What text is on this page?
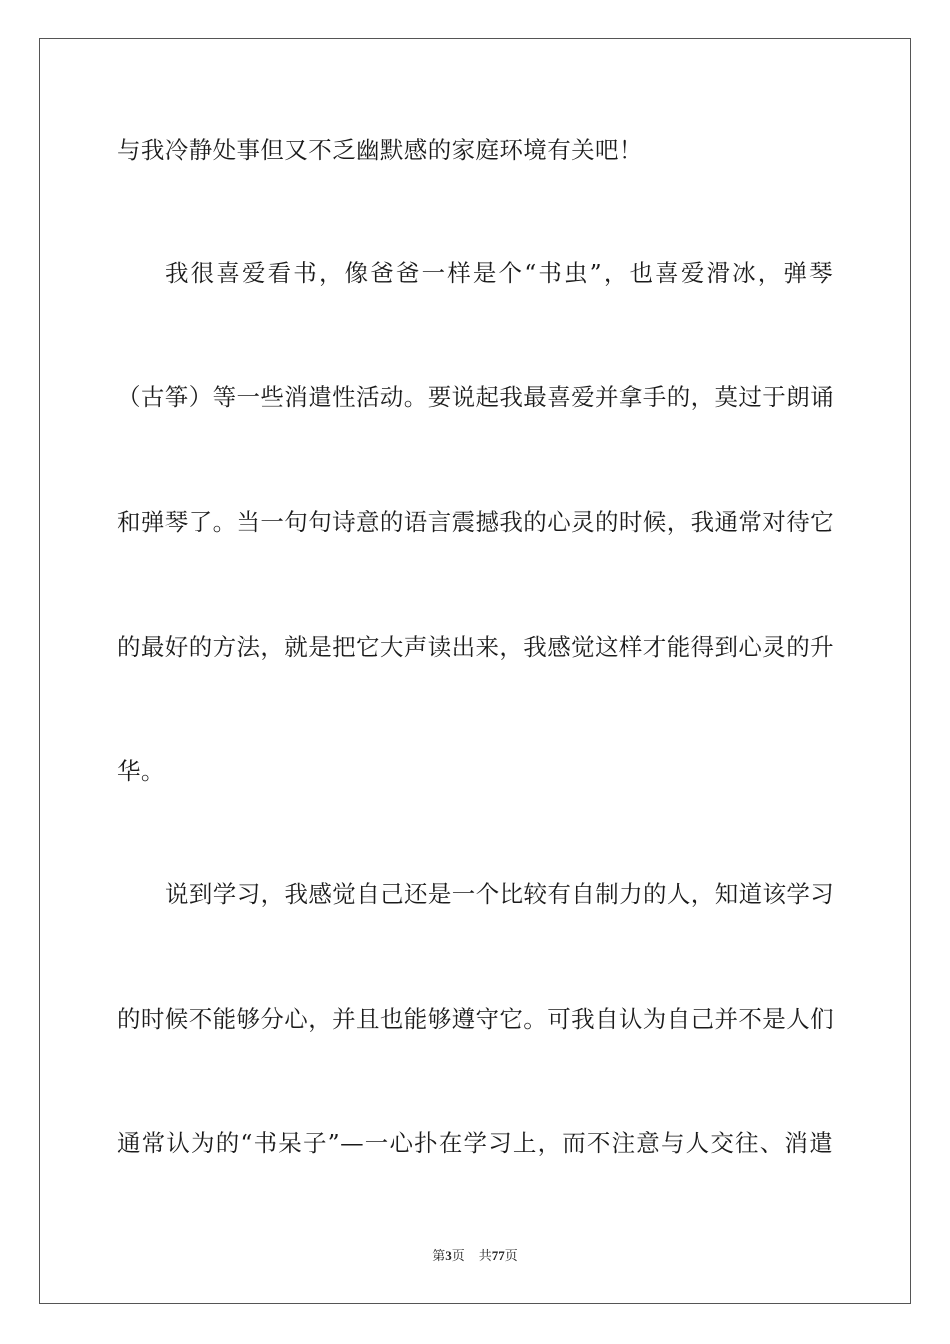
与我冷静处事但又不乏幽默感的家庭环境有关吧！
我很喜爱看书，像爸爸一样是个“书虫”，也喜爱滑冰，弹琴
（古筝）等一些消遣性活动。要说起我最喜爱并拿手的，莫过于朗诵
和弹琴了。当一句句诗意的语言震撼我的心灵的时候，我通常对待它
的最好的方法，就是把它大声读出来，我感觉这样才能得到心灵的升
华。
说到学习，我感觉自己还是一个比较有自制力的人，知道该学习
的时候不能够分心，并且也能够遵守它。可我自认为自己并不是人们
通常认为的“书呆子”—一心扑在学习上，而不注意与人交往、消遣
第3页 共77页
